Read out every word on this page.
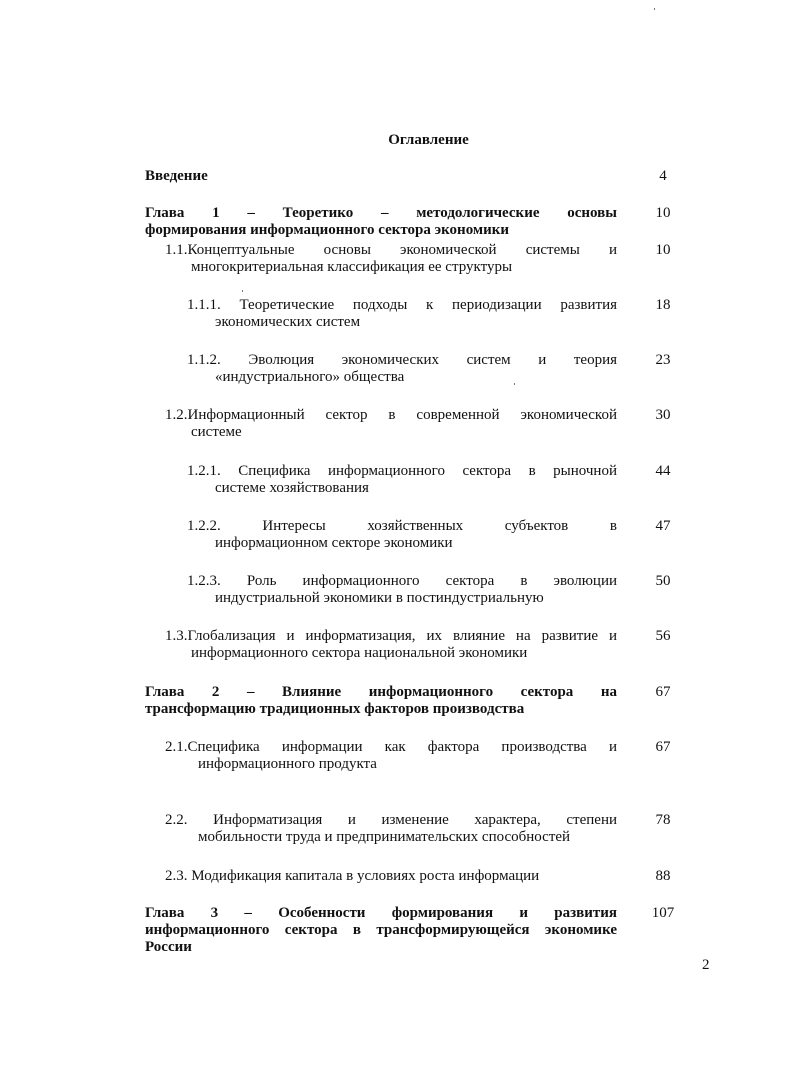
Оглавление
Введение	4
Глава 1 – Теоретико – методологические основы
формирования информационного сектора экономики
10
1.1.Концептуальные основы экономической системы и
многокритериальная классификация ее структуры
10
1.1.1. Теоретические подходы к периодизации развития
экономических систем
18
1.1.2. Эволюция экономических систем и теория
«индустриального» общества
23
1.2.Информационный сектор в современной экономической
системе
30
1.2.1. Специфика информационного сектора в рыночной
системе хозяйствования
44
1.2.2. Интересы хозяйственных субъектов в
информационном секторе экономики
47
1.2.3. Роль информационного сектора в эволюции
индустриальной экономики в постиндустриальную
50
1.3.Глобализация и информатизация, их влияние на развитие и
информационного сектора национальной экономики
56
Глава 2 – Влияние информационного сектора на
трансформацию традиционных факторов производства
67
2.1.Специфика информации как фактора производства и
информационного продукта
67
2.2. Информатизация и изменение характера, степени
мобильности труда и предпринимательских способностей
78
2.3. Модификация капитала в условиях роста информации	88
Глава 3 – Особенности формирования и развития
информационного сектора в трансформирующейся экономике
России
107
2
